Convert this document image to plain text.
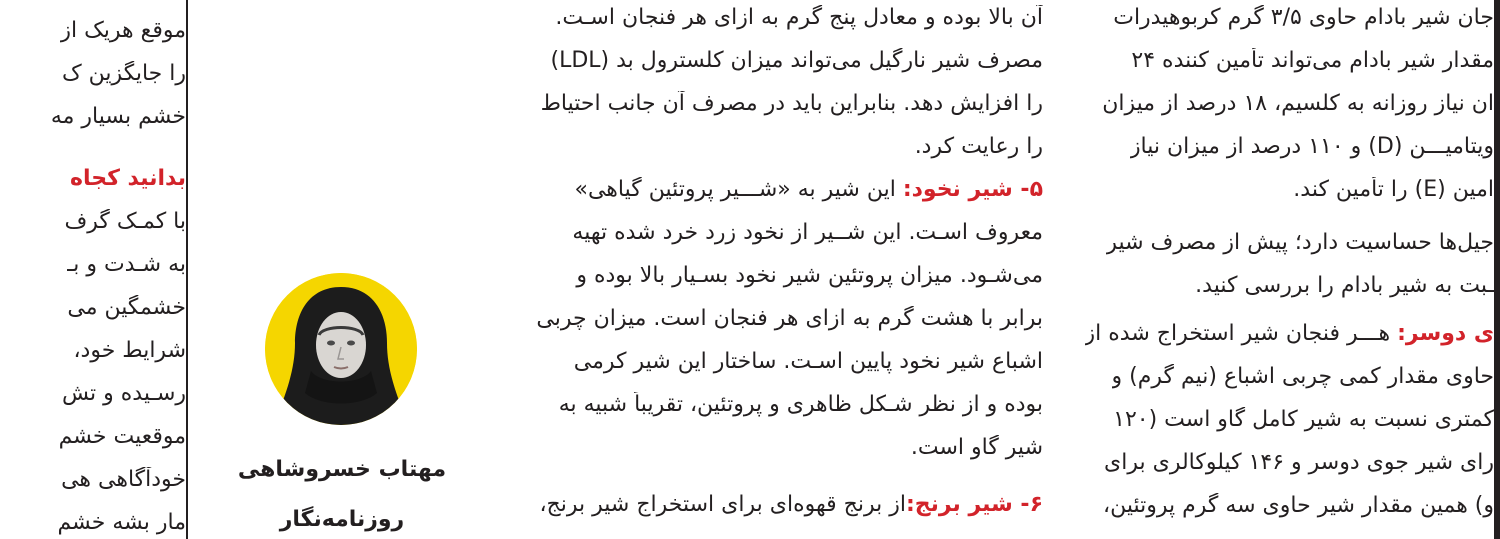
موقع هریک از
را جایگزین ک
خشم بسیار مه
بدانید کجاه
با کمـک گرف
به شـدت و بـ
خشمگین می
شرایط خود،
رسـیده و تش
موقعیت خشم
خودآگاهی هی
مار بشه خشم
مهتاب خسروشاهی
روزنامه‌نگار
آن بالا بوده و معادل پنج گرم به ازای هر فنجان اسـت.
مصرف شیر نارگیل می‌تواند میزان کلسترول بد (LDL)
را افزایش دهد. بنابراین باید در مصرف آن جانب احتیاط
را رعایت کرد.
۵- شیر نخود: این شیر به «شـــیر پروتئین گیاهی»
معروف اسـت. این شــیر از نخود زرد خرد شده تهیه
می‌شـود. میزان پروتئین شیر نخود بسـیار بالا بوده و
برابر با هشت گرم به ازای هر فنجان است. میزان چربی
اشباع شیر نخود پایین اسـت. ساختار این شیر کرمی
بوده و از نظر شـکل ظاهری و پروتئین، تقریباً شبیه به
شیر گاو است.
۶- شیر برنج:از برنج قهوه‌ای برای استخراج شیر برنج،
جان شیر بادام حاوی ۳/۵ گرم کربوهیدرات
مقدار شیر بادام می‌تواند تأمین کننده ۲۴
ان نیاز روزانه به کلسیم، ۱۸ درصد از میزان
ویتامیـــن (D) و ۱۱۰ درصد از میزان نیاز
امین (E) را تأمین کند.
جیل‌ها حساسیت دارد؛ پیش از مصرف شیر
ـبت به شیر بادام را بررسی کنید.
ی دوسر: هـــر فنجان شیر استخراج شده از
حاوی مقدار کمی چربی اشباع (نیم گرم) و
کمتری نسبت به شیر کامل گاو است (۱۲۰
رای شیر جوی دوسر و ۱۴۶ کیلوکالری برای
و) همین مقدار شیر حاوی سه گرم پروتئین،
